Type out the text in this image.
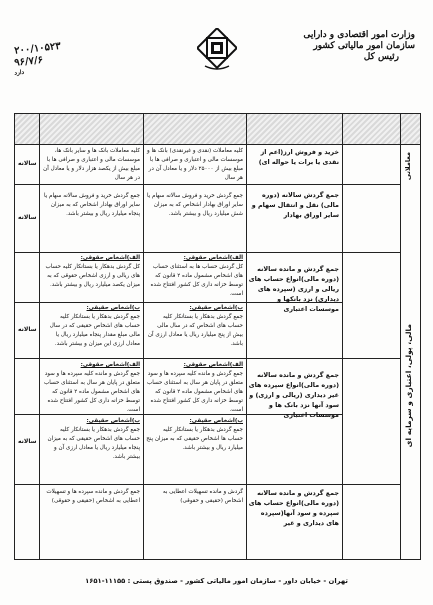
وزارت امور اقتصادی و دارایی
سازمان امور مالیاتی کشور
رئیس کل
۲۰۰/۱۰۵۲۳
۹۶/۷/۶
دارد
معاملاتی
مالی، پولی، اعتباری و سرمایه ای
خرید و فروش ارز(اعم از نقدی یا برات یا حواله ای)
کلیه معاملات (نقدی و غیرنقدی) بانک ها و موسسات مالی و اعتباری و صرافی ها با مبلغ بیش از ۲۵۰۰۰ دلار و یا معادل آن در هر سال
کلیه معاملات بانک ها و سایر بانک ها، موسسات مالی و اعتباری و صرافی ها با مبلغ بیش از یکصد هزار دلار و یا معادل آن در هر سال
سالانه
جمع گردش سالانه (دوره مالی) نقل و انتقال سهام و سایر اوراق بهادار
جمع گردش خرید و فروش سالانه سهام یا سایر اوراق بهادار اشخاص که به میزان شش میلیارد ریال و بیشتر باشد.
جمع گردش خرید و فروش سالانه سهام یا سایر اوراق بهادار اشخاص که به میزان پنجاه میلیارد ریال و بیشتر باشد.
سالانه
جمع گردش و مانده سالانه (دوره مالی)انواع حساب های ریالی و ارزی (سپرده های دیداری) نزد بانکها و موسسات اعتباری
الف)اشخاص حقوقی:
کل گردش حساب ها به استثنای حساب های اشخاص مشمول ماده ۲ قانون که توسط خزانه داری کل کشور افتتاح شده است.
الف)اشخاص حقوقی:
کل گردش بدهکار یا بستانکار کلیه حساب های ریالی و ارزی اشخاص حقوقی که به میزان یکصد میلیارد ریال و بیشتر باشد.
ب)اشخاص حقیقی:
جمع گردش بدهکار یا بستانکار کلیه حساب های اشخاص که در سال مالی بیش از پنج میلیارد ریال یا معادل ارزی آن باشد.
ب)اشخاص حقیقی:
جمع گردش بدهکار یا بستانکار کلیه حساب های اشخاص حقیقی که در سال مالی مبلغ مقدار پنجاه میلیارد ریال یا معادل ارزی این میزان و بیشتر باشد.
سالانه
جمع گردش و مانده سالانه (دوره مالی)انواع سپرده های غیر دیداری (ریالی و ارزی) و سود آنها نزد بانک ها و موسسات اعتباری
الف)اشخاص حقوقی:
جمع گردش و مانده کلیه سپرده ها و سود متعلق در پایان هر سال به استثنای حساب های اشخاص مشمول ماده ۲ قانون که توسط خزانه داری کل کشور افتتاح شده است.
الف)اشخاص حقوقی:
جمع گردش و مانده کلیه سپرده ها و سود متعلق در پایان هر سال به استثنای حساب های اشخاص مشمول ماده ۲ قانون که توسط خزانه داری کل کشور افتتاح شده است.
ب)اشخاص حقیقی:
جمع گردش بدهکار یا بستانکار کلیه حساب ها اشخاص حقیقی که به میزان پنج میلیارد ریال و بیشتر باشد.
ب)اشخاص حقیقی:
جمع گردش بدهکار یا بستانکار کلیه حساب های اشخاص حقیقی که به میزان پنجاه میلیارد ریال یا معادل ارزی آن و بیشتر باشد.
سالانه
جمع گردش و مانده سالانه (دوره مالی)انواع حساب های سپرده و سود آنها(سپرده های دیداری و غیر
گردش و مانده تسهیلات اعطایی به اشخاص (حقیقی و حقوقی)
جمع گردش و مانده سپرده ها و تسهیلات اعطایی به اشخاص (حقیقی و حقوقی)
تهران - خیابان داور - سازمان امور مالیاتی کشور - صندوق پستی : ۱۱۱۵۵-۱۶۵۱
